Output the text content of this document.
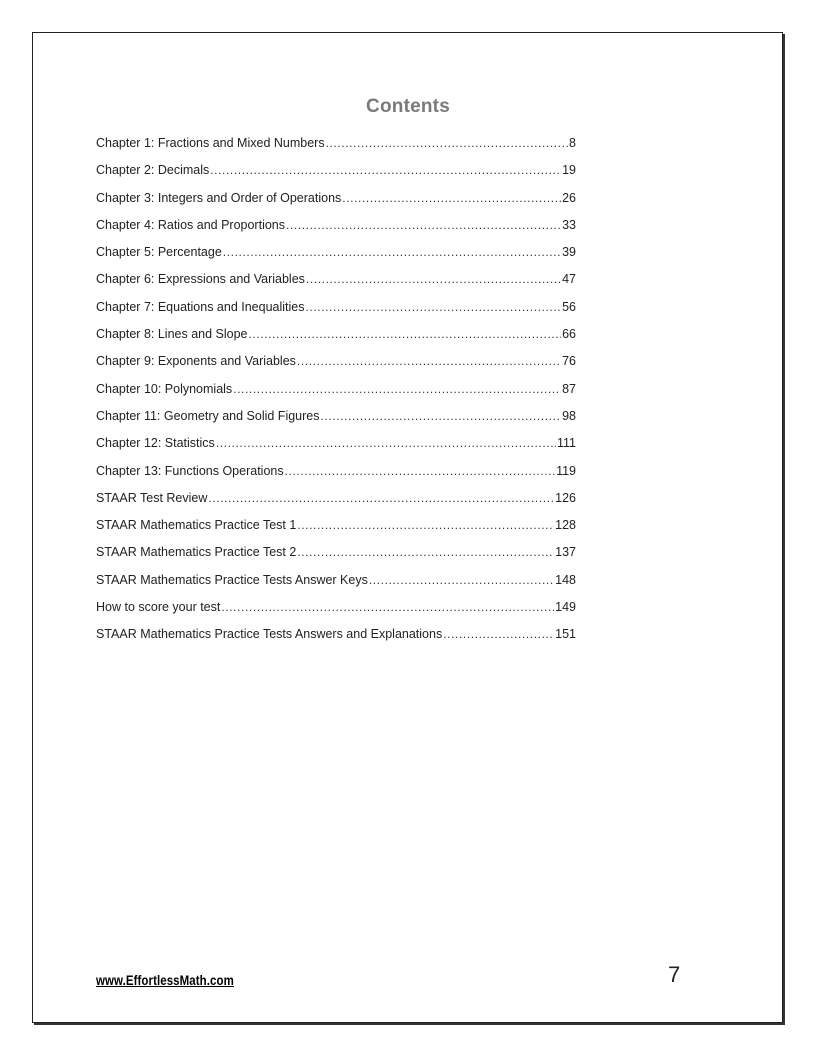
Contents
Chapter 1: Fractions and Mixed Numbers .....	8
Chapter 2: Decimals .....	19
Chapter 3: Integers and Order of Operations .....	26
Chapter 4: Ratios and Proportions .....	33
Chapter 5: Percentage .....	39
Chapter 6: Expressions and Variables .....	47
Chapter 7: Equations and Inequalities .....	56
Chapter 8: Lines and Slope .....	66
Chapter 9: Exponents and Variables .....	76
Chapter 10: Polynomials .....	87
Chapter 11: Geometry and Solid Figures .....	98
Chapter 12: Statistics .....	111
Chapter 13: Functions Operations .....	119
STAAR Test Review .....	126
STAAR Mathematics Practice Test 1 .....	128
STAAR Mathematics Practice Test 2 .....	137
STAAR Mathematics Practice Tests Answer Keys .....	148
How to score your test .....	149
STAAR Mathematics Practice Tests Answers and Explanations .....	151
www.EffortlessMath.com	7
